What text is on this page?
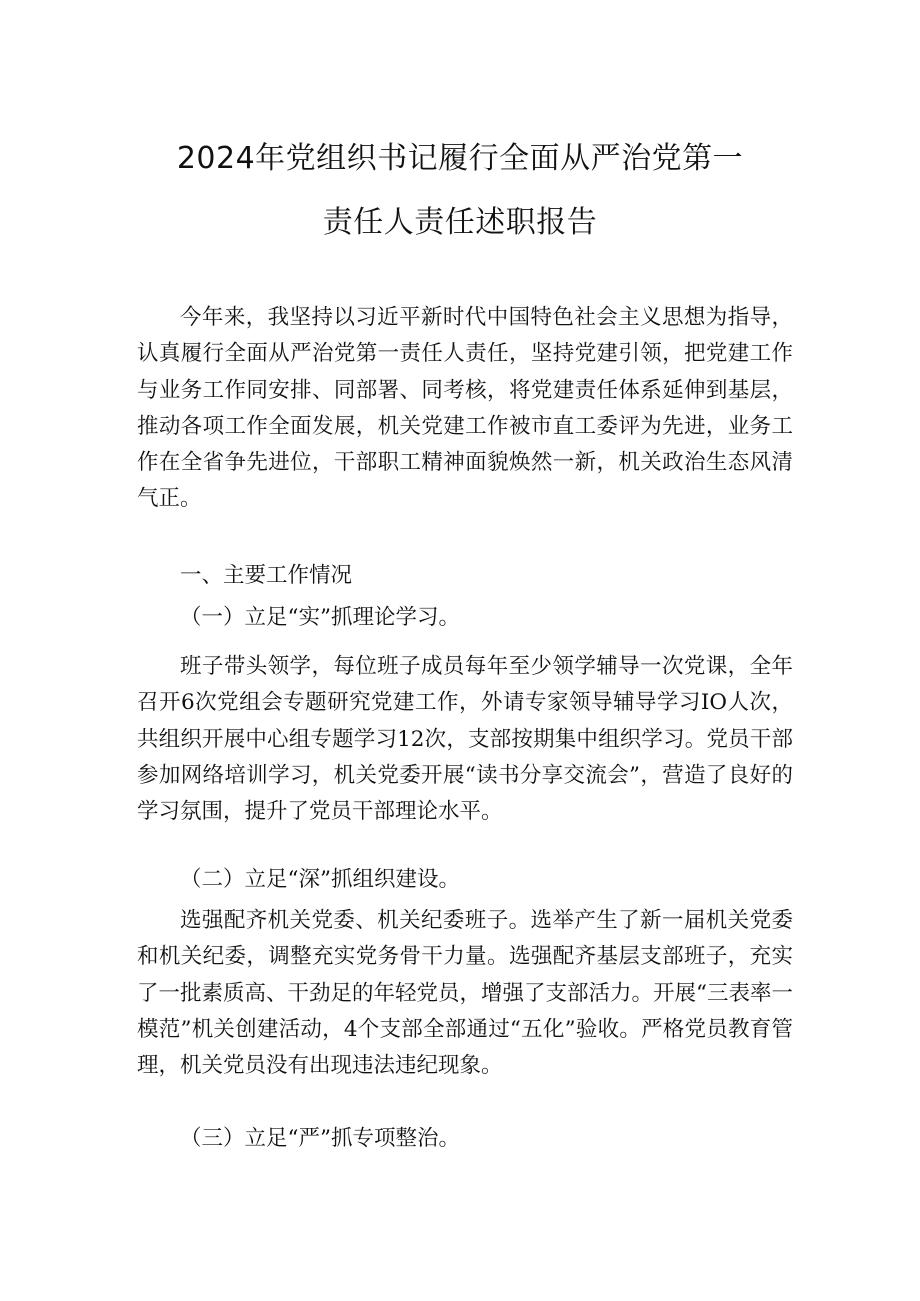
2024年党组织书记履行全面从严治党第一
责任人责任述职报告

今年来，我坚持以习近平新时代中国特色社会主义思想为指导，认真履行全面从严治党第一责任人责任，坚持党建引领，把党建工作与业务工作同安排、同部署、同考核，将党建责任体系延伸到基层，推动各项工作全面发展，机关党建工作被市直工委评为先进，业务工作在全省争先进位，干部职工精神面貌焕然一新，机关政治生态风清气正。

一、主要工作情况
（一）立足“实”抓理论学习。

班子带头领学，每位班子成员每年至少领学辅导一次党课，全年召开6次党组会专题研究党建工作，外请专家领导辅导学习IO人次，共组织开展中心组专题学习12次，支部按期集中组织学习。党员干部参加网络培训学习，机关党委开展“读书分享交流会”，营造了良好的学习氛围，提升了党员干部理论水平。

（二）立足“深”抓组织建设。

选强配齐机关党委、机关纪委班子。选举产生了新一届机关党委和机关纪委，调整充实党务骨干力量。选强配齐基层支部班子，充实了一批素质高、干劲足的年轻党员，增强了支部活力。开展“三表率一模范”机关创建活动，4个支部全部通过“五化”验收。严格党员教育管理，机关党员没有出现违法违纪现象。

（三）立足“严”抓专项整治。
